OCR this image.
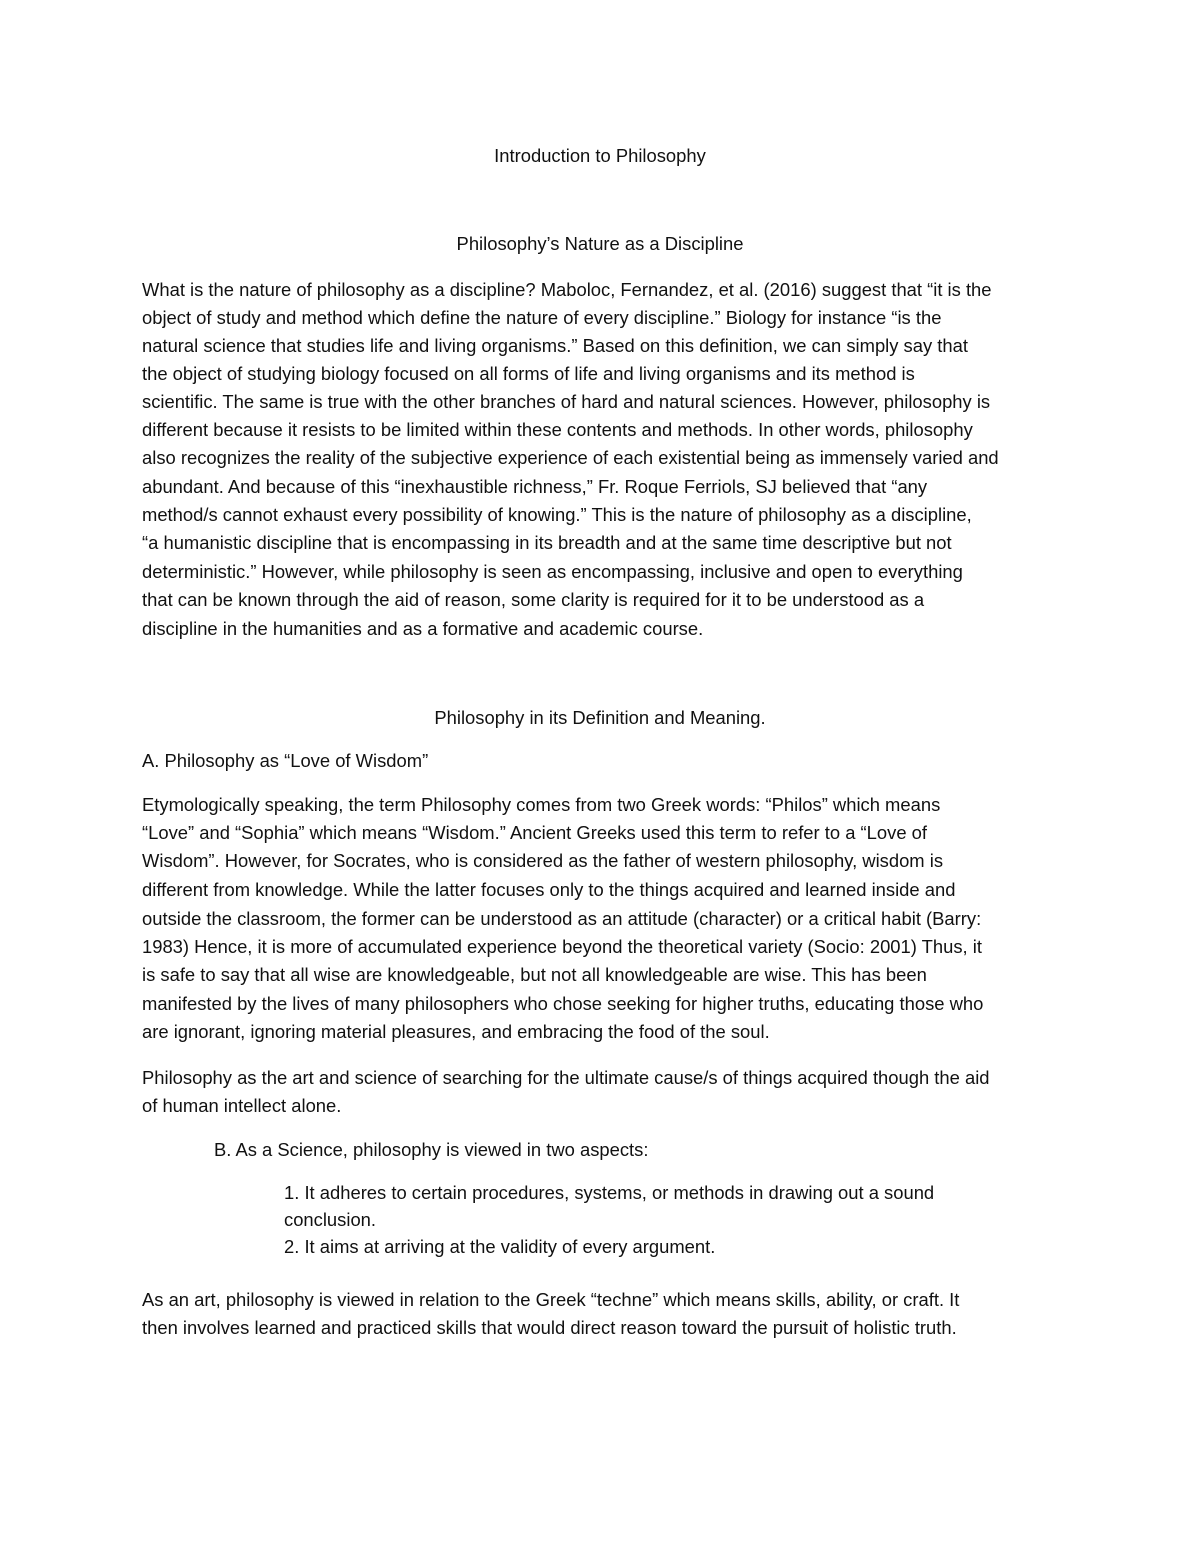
Introduction to Philosophy
Philosophy’s Nature as a Discipline
What is the nature of philosophy as a discipline? Maboloc, Fernandez, et al. (2016) suggest that “it is the
object of study and method which define the nature of every discipline.” Biology for instance “is the
natural science that studies life and living organisms.” Based on this definition, we can simply say that
the object of studying biology focused on all forms of life and living organisms and its method is
scientific. The same is true with the other branches of hard and natural sciences. However, philosophy is
different because it resists to be limited within these contents and methods. In other words, philosophy
also recognizes the reality of the subjective experience of each existential being as immensely varied and
abundant. And because of this “inexhaustible richness,” Fr. Roque Ferriols, SJ believed that “any
method/s cannot exhaust every possibility of knowing.” This is the nature of philosophy as a discipline,
“a humanistic discipline that is encompassing in its breadth and at the same time descriptive but not
deterministic.” However, while philosophy is seen as encompassing, inclusive and open to everything
that can be known through the aid of reason, some clarity is required for it to be understood as a
discipline in the humanities and as a formative and academic course.
Philosophy in its Definition and Meaning.
A. Philosophy as “Love of Wisdom”
Etymologically speaking, the term Philosophy comes from two Greek words: “Philos” which means
“Love” and “Sophia” which means “Wisdom.” Ancient Greeks used this term to refer to a “Love of
Wisdom”. However, for Socrates, who is considered as the father of western philosophy, wisdom is
different from knowledge. While the latter focuses only to the things acquired and learned inside and
outside the classroom, the former can be understood as an attitude (character) or a critical habit (Barry:
1983) Hence, it is more of accumulated experience beyond the theoretical variety (Socio: 2001) Thus, it
is safe to say that all wise are knowledgeable, but not all knowledgeable are wise. This has been
manifested by the lives of many philosophers who chose seeking for higher truths, educating those who
are ignorant, ignoring material pleasures, and embracing the food of the soul.
Philosophy as the art and science of searching for the ultimate cause/s of things acquired though the aid
of human intellect alone.
B. As a Science, philosophy is viewed in two aspects:
1. It adheres to certain procedures, systems, or methods in drawing out a sound
conclusion.
2. It aims at arriving at the validity of every argument.
As an art, philosophy is viewed in relation to the Greek “techne” which means skills, ability, or craft. It
then involves learned and practiced skills that would direct reason toward the pursuit of holistic truth.
